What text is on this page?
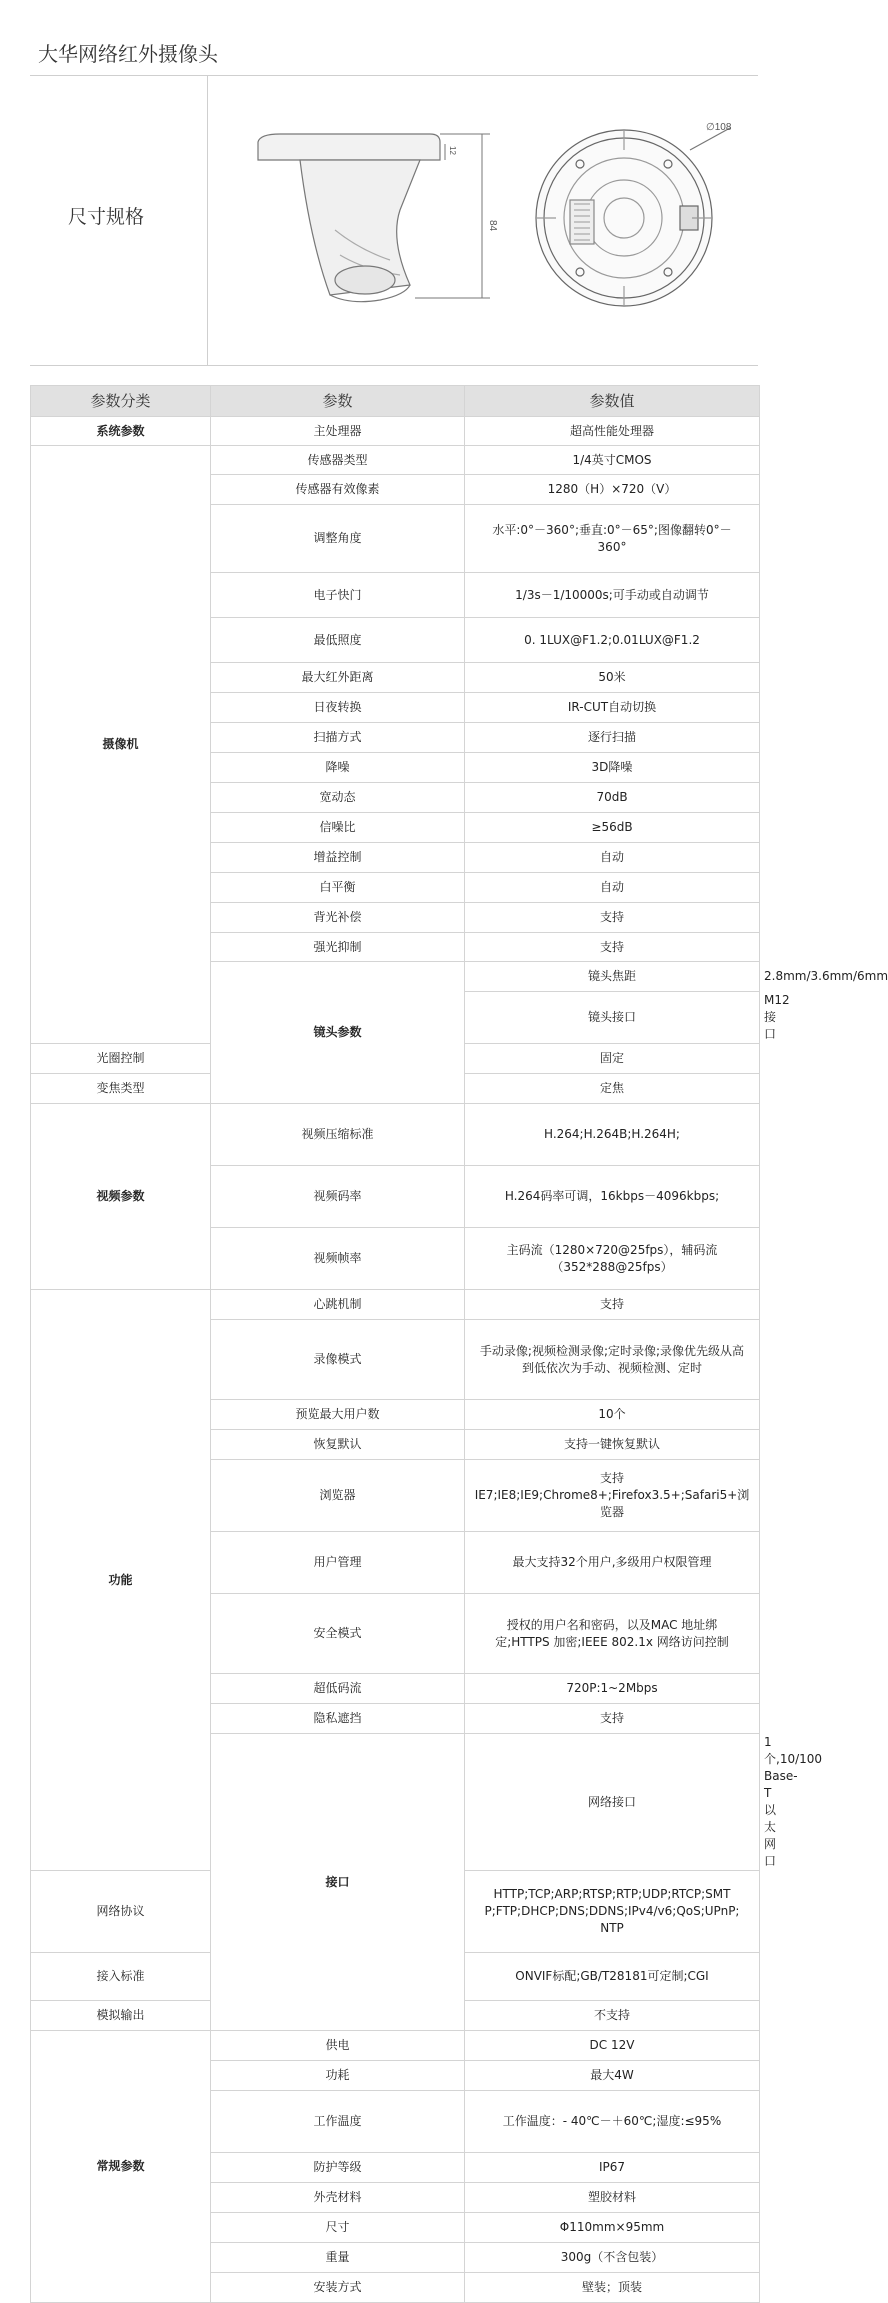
大华网络红外摄像头
尺寸规格	84
12
∅108
参数分类	参数	参数值	
系统参数	主处理器	超高性能处理器	
摄像机	传感器类型	1/4英寸CMOS	
	传感器有效像素	1280（H）×720（V）	
	调整角度	水平:0°－360°;垂直:0°－65°;图像翻转0°－
360°	
	电子快门	1/3s－1/10000s;可手动或自动调节	
	最低照度	0. 1LUX@F1.2;0.01LUX@F1.2	
	最大红外距离	50米	
	日夜转换	IR-CUT自动切换	
	扫描方式	逐行扫描	
	降噪	3D降噪	
	宽动态	70dB	
	信噪比	≥56dB	
	增益控制	自动	
	白平衡	自动	
	背光补偿	支持	
	强光抑制	支持	
	镜头参数	镜头焦距	2.8mm/3.6mm/6mm
		镜头接口	M12接口
光圈控制		固定	
变焦类型		定焦	
视频参数	视频压缩标准	H.264;H.264B;H.264H;	
	视频码率	H.264码率可调，16kbps－4096kbps;	
	视频帧率	主码流（1280×720@25fps），辅码流
（352*288@25fps）	
功能	心跳机制	支持	
	录像模式	手动录像;视频检测录像;定时录像;录像优先级从高
到低依次为手动、视频检测、定时	
	预览最大用户数	10个	
	恢复默认	支持一键恢复默认	
	浏览器	支持
IE7;IE8;IE9;Chrome8+;Firefox3.5+;Safari5+浏
览器	
	用户管理	最大支持32个用户,多级用户权限管理	
	安全模式	授权的用户名和密码，以及MAC 地址绑
定;HTTPS 加密;IEEE 802.1x 网络访问控制	
	超低码流	720P:1~2Mbps	
	隐私遮挡	支持	
	接口	网络接口	1个,10/100 Base-T以太网口
网络协议		HTTP;TCP;ARP;RTSP;RTP;UDP;RTCP;SMT
P;FTP;DHCP;DNS;DDNS;IPv4/v6;QoS;UPnP;
NTP	
接入标准		ONVIF标配;GB/T28181可定制;CGI	
模拟输出		不支持	
常规参数	供电	DC 12V	
	功耗	最大4W	
	工作温度	工作温度：- 40℃－＋60℃;湿度:≤95%	
	防护等级	IP67	
	外壳材料	塑胶材料	
	尺寸	Φ110mm×95mm	
	重量	300g（不含包装）	
	安装方式	壁装；顶装	
